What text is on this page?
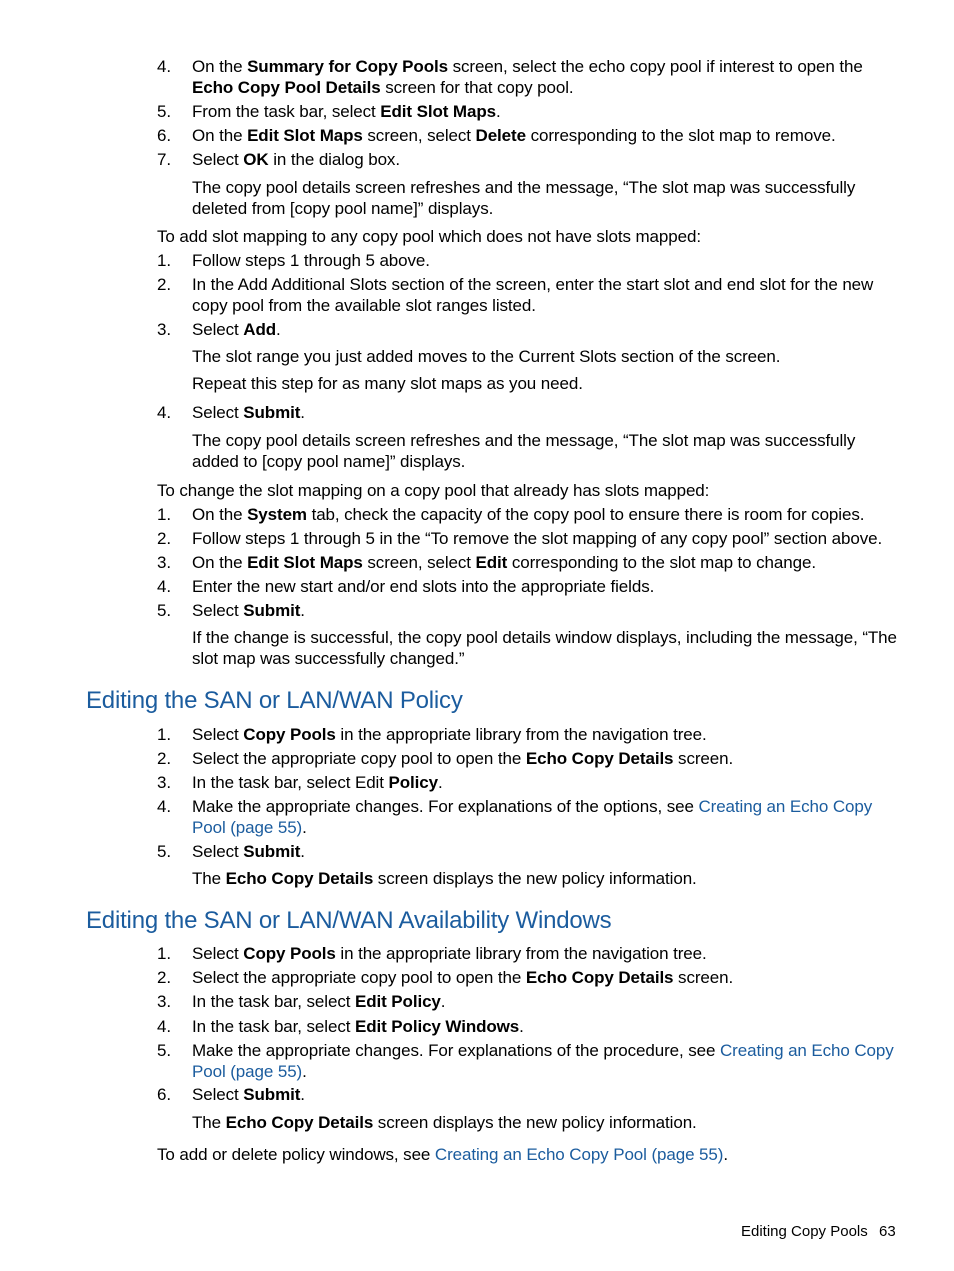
4. On the Summary for Copy Pools screen, select the echo copy pool if interest to open the Echo Copy Pool Details screen for that copy pool.
5. From the task bar, select Edit Slot Maps.
6. On the Edit Slot Maps screen, select Delete corresponding to the slot map to remove.
7. Select OK in the dialog box.
The copy pool details screen refreshes and the message, “The slot map was successfully deleted from [copy pool name]” displays.
To add slot mapping to any copy pool which does not have slots mapped:
1. Follow steps 1 through 5 above.
2. In the Add Additional Slots section of the screen, enter the start slot and end slot for the new copy pool from the available slot ranges listed.
3. Select Add.
The slot range you just added moves to the Current Slots section of the screen.
Repeat this step for as many slot maps as you need.
4. Select Submit.
The copy pool details screen refreshes and the message, “The slot map was successfully added to [copy pool name]” displays.
To change the slot mapping on a copy pool that already has slots mapped:
1. On the System tab, check the capacity of the copy pool to ensure there is room for copies.
2. Follow steps 1 through 5 in the “To remove the slot mapping of any copy pool” section above.
3. On the Edit Slot Maps screen, select Edit corresponding to the slot map to change.
4. Enter the new start and/or end slots into the appropriate fields.
5. Select Submit.
If the change is successful, the copy pool details window displays, including the message, “The slot map was successfully changed.”
Editing the SAN or LAN/WAN Policy
1. Select Copy Pools in the appropriate library from the navigation tree.
2. Select the appropriate copy pool to open the Echo Copy Details screen.
3. In the task bar, select Edit Policy.
4. Make the appropriate changes. For explanations of the options, see Creating an Echo Copy Pool (page 55).
5. Select Submit.
The Echo Copy Details screen displays the new policy information.
Editing the SAN or LAN/WAN Availability Windows
1. Select Copy Pools in the appropriate library from the navigation tree.
2. Select the appropriate copy pool to open the Echo Copy Details screen.
3. In the task bar, select Edit Policy.
4. In the task bar, select Edit Policy Windows.
5. Make the appropriate changes. For explanations of the procedure, see Creating an Echo Copy Pool (page 55).
6. Select Submit.
The Echo Copy Details screen displays the new policy information.
To add or delete policy windows, see Creating an Echo Copy Pool (page 55).
Editing Copy Pools 63
